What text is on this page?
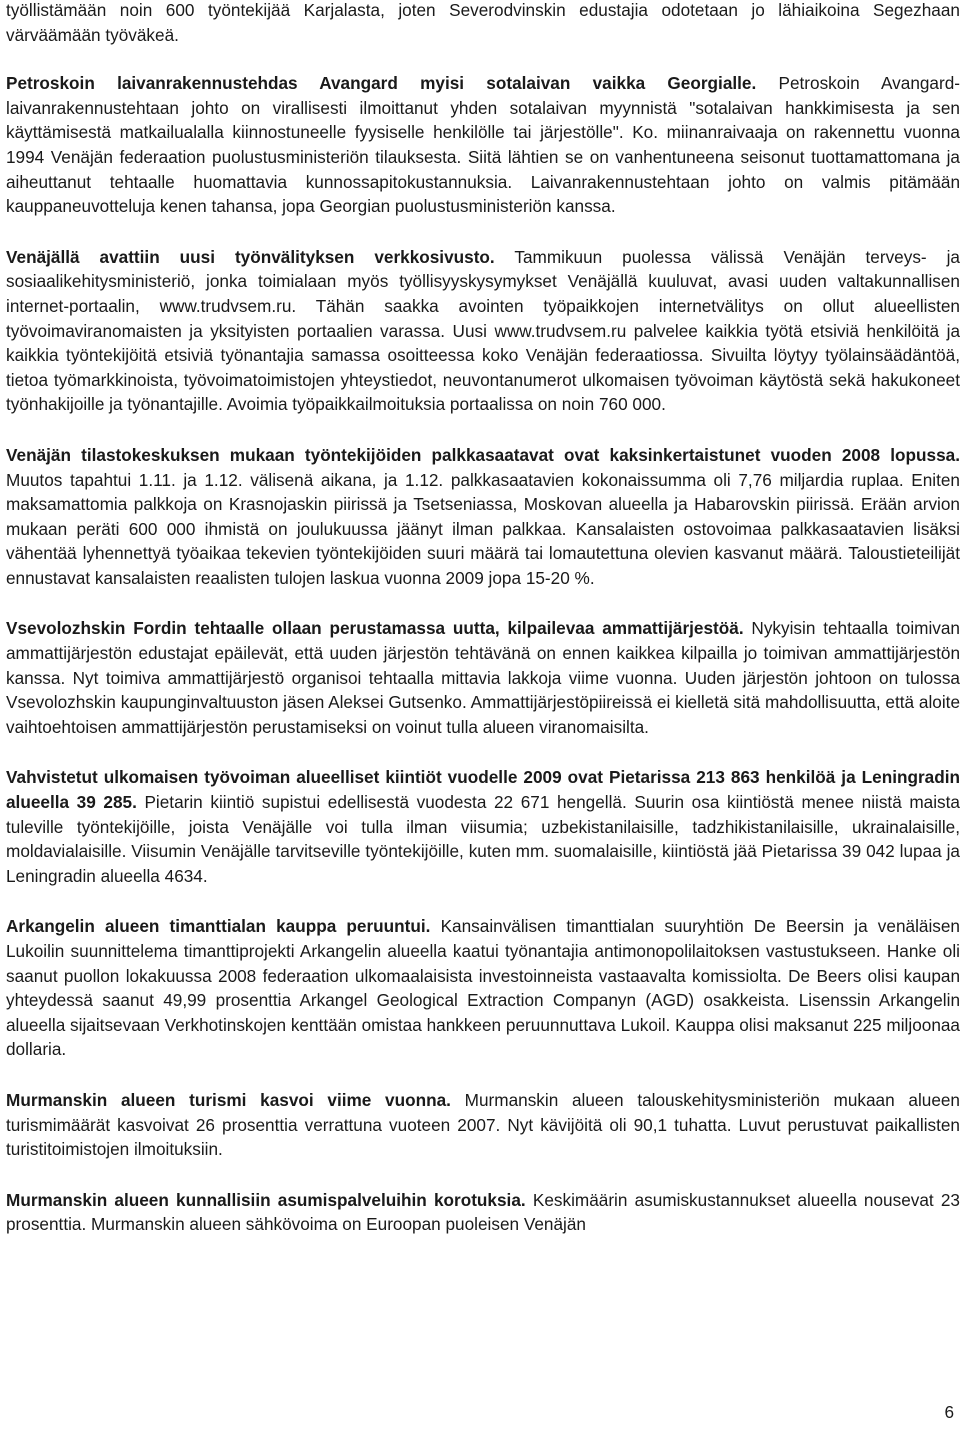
työllistämään noin 600 työntekijää Karjalasta, joten Severodvinskin edustajia odotetaan jo lähiaikoina Segezhaan värväämään työväkeä.

Petroskoin laivanrakennustehdas Avangard myisi sotalaivan vaikka Georgialle. Petroskoin Avangard-laivanrakennustehtaan johto on virallisesti ilmoittanut yhden sotalaivan myynnistä "sotalaivan hankkimisesta ja sen käyttämisestä matkailualalla kiinnostuneelle fyysiselle henkilölle tai järjestölle". Ko. miinanraivaaja on rakennettu vuonna 1994 Venäjän federaation puolustusministeriön tilauksesta. Siitä lähtien se on vanhentuneena seisonut tuottamattomana ja aiheuttanut tehtaalle huomattavia kunnossapitokustannuksia. Laivanrakennustehtaan johto on valmis pitämään kauppaneuvotteluja kenen tahansa, jopa Georgian puolustusministeriön kanssa.

Venäjällä avattiin uusi työnvälityksen verkkosivusto. Tammikuun puolessa välissä Venäjän terveys- ja sosiaalikehitysministeriö, jonka toimialaan myös työllisyyskysymykset Venäjällä kuuluvat, avasi uuden valtakunnallisen internet-portaalin, www.trudvsem.ru. Tähän saakka avointen työpaikkojen internetvälitys on ollut alueellisten työvoimaviranomaisten ja yksityisten portaalien varassa. Uusi www.trudvsem.ru palvelee kaikkia työtä etsiviä henkilöitä ja kaikkia työntekijöitä etsiviä työnantajia samassa osoitteessa koko Venäjän federaatiossa. Sivuilta löytyy työlainsäädäntöä, tietoa työmarkkinoista, työvoimatoimistojen yhteystiedot, neuvontanumerot ulkomaisen työvoiman käytöstä sekä hakukoneet työnhakijoille ja työnantajille. Avoimia työpaikkailmoituksia portaalissa on noin 760 000.

Venäjän tilastokeskuksen mukaan työntekijöiden palkkasaatavat ovat kaksinkertaistunet vuoden 2008 lopussa. Muutos tapahtui 1.11. ja 1.12. välisenä aikana, ja 1.12. palkkasaatavien kokonaissumma oli 7,76 miljardia ruplaa. Eniten maksamattomia palkkoja on Krasnojaskin piirissä ja Tsetseniassa, Moskovan alueella ja Habarovskin piirissä. Erään arvion mukaan peräti 600 000 ihmistä on joulukuussa jäänyt ilman palkkaa. Kansalaisten ostovoimaa palkkasaatavien lisäksi vähentää lyhennettyä työaikaa tekevien työntekijöiden suuri määrä tai lomautettuna olevien kasvanut määrä. Taloustieteilijät ennustavat kansalaisten reaalisten tulojen laskua vuonna 2009 jopa 15-20 %.

Vsevolozhskin Fordin tehtaalle ollaan perustamassa uutta, kilpailevaa ammattijärjestöä. Nykyisin tehtaalla toimivan ammattijärjestön edustajat epäilevät, että uuden järjestön tehtävänä on ennen kaikkea kilpailla jo toimivan ammattijärjestön kanssa. Nyt toimiva ammattijärjestö organisoi tehtaalla mittavia lakkoja viime vuonna. Uuden järjestön johtoon on tulossa Vsevolozhskin kaupunginvaltuuston jäsen Aleksei Gutsenko. Ammattijärjestöpiireissä ei kielletä sitä mahdollisuutta, että aloite vaihtoehtoisen ammattijärjestön perustamiseksi on voinut tulla alueen viranomaisilta.

Vahvistetut ulkomaisen työvoiman alueelliset kiintiöt vuodelle 2009 ovat Pietarissa 213 863 henkilöä ja Leningradin alueella 39 285. Pietarin kiintiö supistui edellisestä vuodesta 22 671 hengellä. Suurin osa kiintiöstä menee niistä maista tuleville työntekijöille, joista Venäjälle voi tulla ilman viisumia; uzbekistanilaisille, tadzhikistanilaisille, ukrainalaisille, moldavialaisille. Viisumin Venäjälle tarvitseville työntekijöille, kuten mm. suomalaisille, kiintiöstä jää Pietarissa 39 042 lupaa ja Leningradin alueella 4634.

Arkangelin alueen timanttialan kauppa peruuntui. Kansainvälisen timanttialan suuryhtiön De Beersin ja venäläisen Lukoilin suunnittelema timanttiprojekti Arkangelin alueella kaatui työnantajia antimonopolilaitoksen vastustukseen. Hanke oli saanut puollon lokakuussa 2008 federaation ulkomaalaisista investoinneista vastaavalta komissiolta. De Beers olisi kaupan yhteydessä saanut 49,99 prosenttia Arkangel Geological Extraction Companyn (AGD) osakkeista. Lisenssin Arkangelin alueella sijaitsevaan Verkhotinskojen kenttään omistaa hankkeen peruunnuttava Lukoil. Kauppa olisi maksanut 225 miljoonaa dollaria.

Murmanskin alueen turismi kasvoi viime vuonna. Murmanskin alueen talouskehitysministeriön mukaan alueen turismimäärät kasvoivat 26 prosenttia verrattuna vuoteen 2007. Nyt kävijöitä oli 90,1 tuhatta. Luvut perustuvat paikallisten turistitoimistojen ilmoituksiin.

Murmanskin alueen kunnallisiin asumispalveluihin korotuksia. Keskimäärin asumiskustannukset alueella nousevat 23 prosenttia. Murmanskin alueen sähkövoima on Euroopan puoleisen Venäjän

6
